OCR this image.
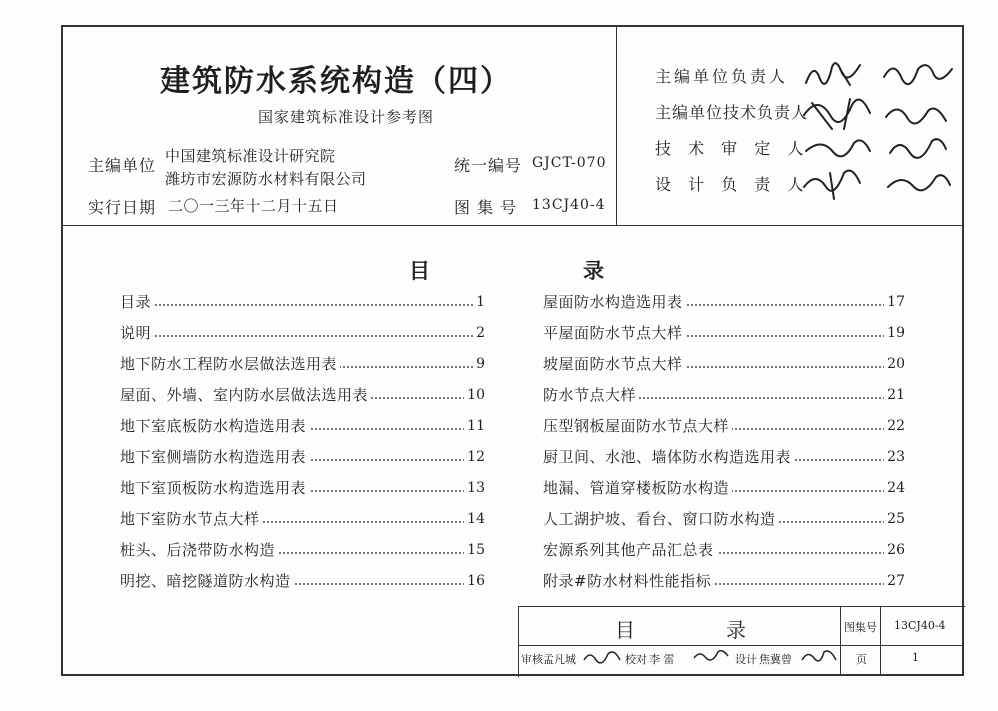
建筑防水系统构造（四）
国家建筑标准设计参考图
主编单位 中国建筑标准设计研究院
潍坊市宏源防水材料有限公司
实行日期 二〇一三年十二月十五日
统一编号 GJCT-070
图 集 号 13CJ40-4
主编单位负责人
主编单位技术负责人
技 术 审 定 人
设 计 负 责 人
目	录
目录	1
说明	2
地下防水工程防水层做法选用表	9
屋面、外墙、室内防水层做法选用表	10
地下室底板防水构造选用表	11
地下室侧墙防水构造选用表	12
地下室顶板防水构造选用表	13
地下室防水节点大样	14
桩头、后浇带防水构造	15
明挖、暗挖隧道防水构造	16
屋面防水构造选用表	17
平屋面防水节点大样	19
坡屋面防水节点大样	20
防水节点大样	21
压型钢板屋面防水节点大样	22
厨卫间、水池、墙体防水构造选用表	23
地漏、管道穿楼板防水构造	24
人工湖护坡、看台、窗口防水构造	25
宏源系列其他产品汇总表	26
附录#防水材料性能指标	27
目	录	图集号 13CJ40-4
审核 孟凡城	校对 李 雷	设计 焦冀曾	页	1
